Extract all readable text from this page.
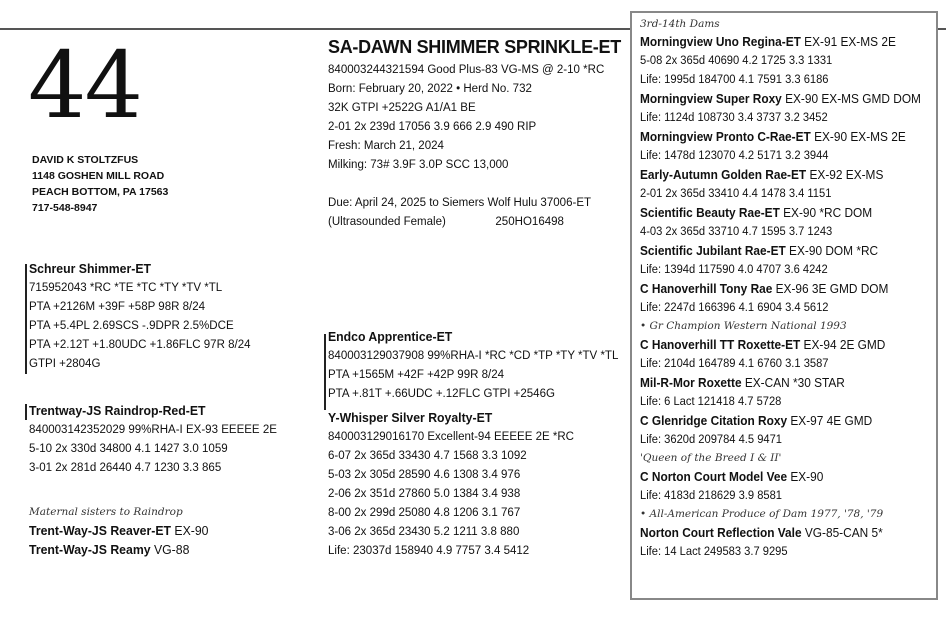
44
DAVID K STOLTZFUS
1148 GOSHEN MILL ROAD
PEACH BOTTOM, PA 17563
717-548-8947
SA-DAWN SHIMMER SPRINKLE-ET
840003244321594 Good Plus-83 VG-MS @ 2-10 *RC
Born: February 20, 2022 • Herd No. 732
32K GTPI +2522G A1/A1 BE
2-01 2x 239d 17056 3.9 666 2.9 490 RIP
Fresh: March 21, 2024
Milking: 73# 3.9F 3.0P SCC 13,000
Due: April 24, 2025 to Siemers Wolf Hulu 37006-ET
(Ultrasounded Female)	250HO16498
Schreur Shimmer-ET
715952043 *RC *TE *TC *TY *TV *TL
PTA +2126M +39F +58P 98R 8/24
PTA +5.4PL 2.69SCS -.9DPR 2.5%DCE
PTA +2.12T +1.80UDC +1.86FLC 97R 8/24
GTPI +2804G
Trentway-JS Raindrop-Red-ET
840003142352029 99%RHA-I EX-93 EEEEE 2E
5-10 2x 330d 34800 4.1 1427 3.0 1059
3-01 2x 281d 26440 4.7 1230 3.3 865
Maternal sisters to Raindrop
Trent-Way-JS Reaver-ET EX-90
Trent-Way-JS Reamy VG-88
Endco Apprentice-ET
840003129037908 99%RHA-I *RC *CD *TP *TY *TV *TL
PTA +1565M +42F +42P 99R 8/24
PTA +.81T +.66UDC +.12FLC GTPI +2546G
Y-Whisper Silver Royalty-ET
840003129016170 Excellent-94 EEEEE 2E *RC
6-07 2x 365d 33430 4.7 1568 3.3 1092
5-03 2x 305d 28590 4.6 1308 3.4 976
2-06 2x 351d 27860 5.0 1384 3.4 938
8-00 2x 299d 25080 4.8 1206 3.1 767
3-06 2x 365d 23430 5.2 1211 3.8 880
Life: 23037d 158940 4.9 7757 3.4 5412
3rd-14th Dams
Morningview Uno Regina-ET EX-91 EX-MS 2E
5-08 2x 365d 40690 4.2 1725 3.3 1331
Life: 1995d 184700 4.1 7591 3.3 6186
Morningview Super Roxy EX-90 EX-MS GMD DOM
Life: 1124d 108730 3.4 3737 3.2 3452
Morningview Pronto C-Rae-ET EX-90 EX-MS 2E
Life: 1478d 123070 4.2 5171 3.2 3944
Early-Autumn Golden Rae-ET EX-92 EX-MS
2-01 2x 365d 33410 4.4 1478 3.4 1151
Scientific Beauty Rae-ET EX-90 *RC DOM
4-03 2x 365d 33710 4.7 1595 3.7 1243
Scientific Jubilant Rae-ET EX-90 DOM *RC
Life: 1394d 117590 4.0 4707 3.6 4242
C Hanoverhill Tony Rae EX-96 3E GMD DOM
Life: 2247d 166396 4.1 6904 3.4 5612
• Gr Champion Western National 1993
C Hanoverhill TT Roxette-ET EX-94 2E GMD
Life: 2104d 164789 4.1 6760 3.1 3587
Mil-R-Mor Roxette EX-CAN *30 STAR
Life: 6 Lact 121418 4.7 5728
C Glenridge Citation Roxy EX-97 4E GMD
Life: 3620d 209784 4.5 9471
'Queen of the Breed I & II'
C Norton Court Model Vee EX-90
Life: 4183d 218629 3.9 8581
• All-American Produce of Dam 1977, '78, '79
Norton Court Reflection Vale VG-85-CAN 5*
Life: 14 Lact 249583 3.7 9295
